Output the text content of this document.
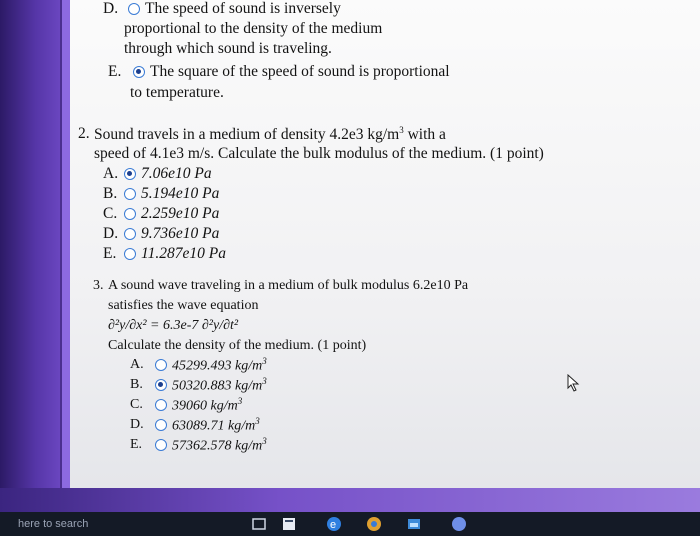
D. The speed of sound is inversely
proportional to the density of the medium
through which sound is traveling.
E. The square of the speed of sound is proportional
to temperature.
2. Sound travels in a medium of density 4.2e3 $kg/m^3$ with a
speed of 4.1e3 m/s. Calculate the bulk modulus of the medium. (1 point)
A. 7.06e10 Pa
B. 5.194e10 Pa
C. 2.259e10 Pa
D. 9.736e10 Pa
E. 11.287e10 Pa
3. A sound wave traveling in a medium of bulk modulus 6.2e10 Pa
satisfies the wave equation
∂²y/∂x² = 6.3e-7 ∂²y/∂t²
Calculate the density of the medium. (1 point)
A. 45299.493 $kg/m^3$
B. 50320.883 $kg/m^3$
C. 39060 $kg/m^3$
D. 63089.71 $kg/m^3$
E. 57362.578 $kg/m^3$
here to search	e
